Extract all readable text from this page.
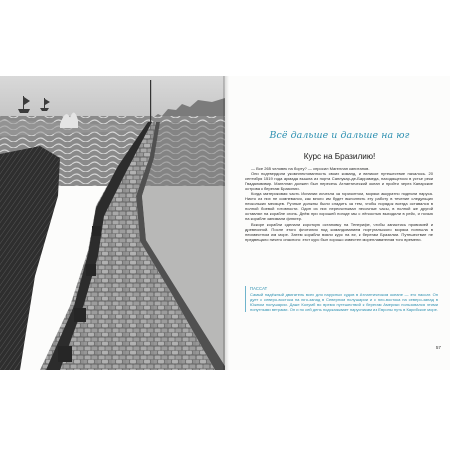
Всё дальше и дальше на юг
Курс на Бразилию!

— Все 265 человек на борту? — спросил Магеллан капитанов.

Они подтвердили укомплектованность своих команд, и великое путешествие началось. 20 сентября 1519 года армада вышла из порта Санлукар-де-Баррамеда, находящегося в устье реки Гвадалквивир. Магеллан должен был пересечь Атлантический океан и пройти через Канарские острова к берегам Бразилии.

Когда материковая часть Испании исчезла за горизонтом, моряки аккуратно подняли паруса. Никто из них не сомневался, как много им будет выполнять эту работу в течение следующих нескольких месяцев. Ручные должны были сладить за тем, чтобы порядок всегда оставался в полной боевой готовности. Один из них пересчитывал песочные часы, в полной же другой оставлял на корабле огонь. Днём при хорошей погоде мы с лёгкостью выходили в рейс, и ночью на корабле занимали флюгер.

Вскоре корабли сделали короткую остановку на Тенерифе, чтобы запастись провизией и древесиной. После этого флотилия под командованием португальского моряка поплыла в неизвестном им море. Затем корабли взяли курс на юг, к берегам Бразилии. Путешествие не предвещало ничего опасного: этот курс был хорошо известен мореплавателям того времени.

ПАССАТ
Самый надёжный двигатель всех для парусных судов в Атлантическом океане — это пассат. Он дует с северо-востока на юго-запад в Северном полушарии и с юго-востока на северо-запад в Южном полушарии. Даже Колумб во время путешествий к берегам Америки пользовался этими попутными ветрами. Он и по сей день подсказывает парусникам из Европы путь в Карибское море.
57
